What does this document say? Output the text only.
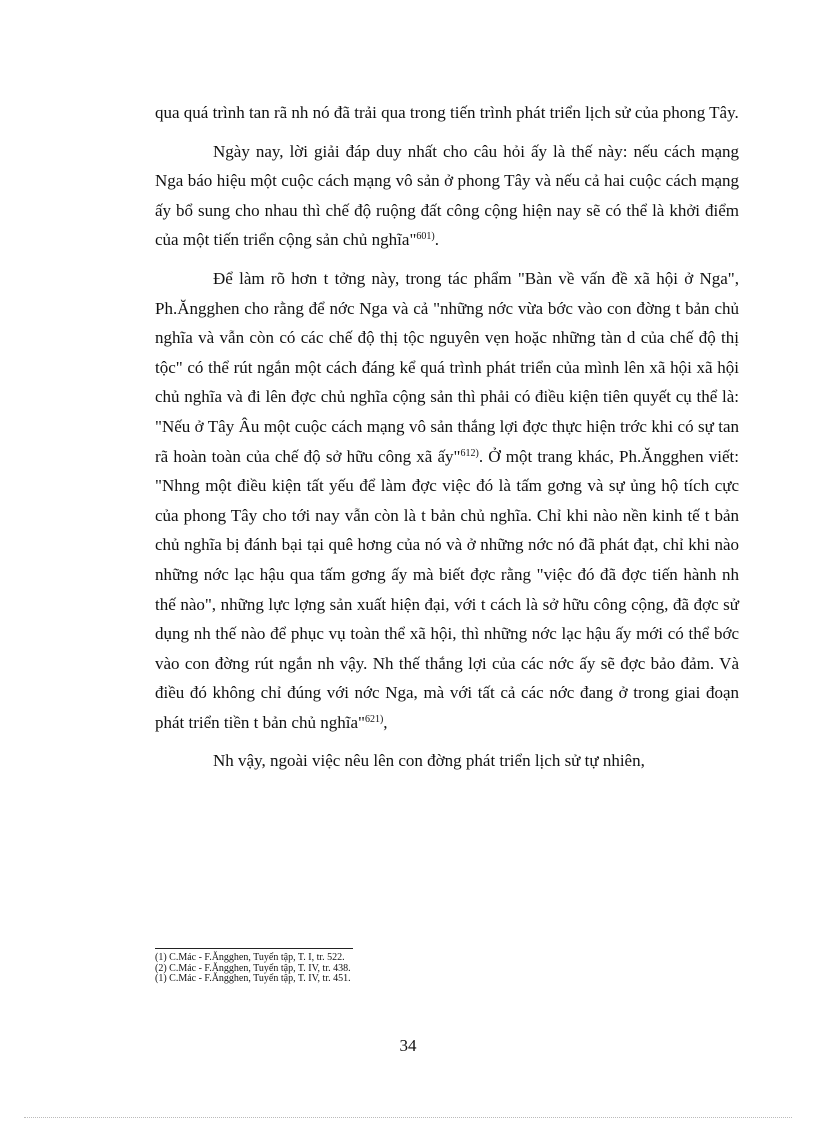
qua quá trình tan rã nh nó đã trải qua trong tiến trình phát triển lịch sử của phong Tây.

Ngày nay, lời giải đáp duy nhất cho câu hỏi ấy là thế này: nếu cách mạng Nga báo hiệu một cuộc cách mạng vô sản ở phong Tây và nếu cả hai cuộc cách mạng ấy bổ sung cho nhau thì chế độ ruộng đất công cộng hiện nay sẽ có thể là khởi điểm của một tiến triển cộng sản chủ nghĩa"$^{601)}$.

Để làm rõ hơn t tởng này, trong tác phẩm "Bàn về vấn đề xã hội ở Nga", Ph.Ăngghen cho rằng để nớc Nga và cả "những nớc vừa bớc vào con đờng t bản chủ nghĩa và vẫn còn có các chế độ thị tộc nguyên vẹn hoặc những tàn d của chế độ thị tộc" có thể rút ngắn một cách đáng kể quá trình phát triển của mình lên xã hội xã hội chủ nghĩa và đi lên đợc chủ nghĩa cộng sản thì phải có điều kiện tiên quyết cụ thể là: "Nếu ở Tây Âu một cuộc cách mạng vô sản thắng lợi đợc thực hiện trớc khi có sự tan rã hoàn toàn của chế độ sở hữu công xã ấy"$^{612)}$. Ở một trang khác, Ph.Ăngghen viết: "Nhng một điều kiện tất yếu để làm đợc việc đó là tấm gơng và sự ủng hộ tích cực của phong Tây cho tới nay vẫn còn là t bản chủ nghĩa. Chỉ khi nào nền kinh tế t bản chủ nghĩa bị đánh bại tại quê hơng của nó và ở những nớc nó đã phát đạt, chỉ khi nào những nớc lạc hậu qua tấm gơng ấy mà biết đợc rằng "việc đó đã đợc tiến hành nh thế nào", những lực lợng sản xuất hiện đại, với t cách là sở hữu công cộng, đã đợc sử dụng nh thế nào để phục vụ toàn thể xã hội, thì những nớc lạc hậu ấy mới có thể bớc vào con đờng rút ngắn nh vậy. Nh thế thắng lợi của các nớc ấy sẽ đợc bảo đảm. Và điều đó không chỉ đúng với nớc Nga, mà với tất cả các nớc đang ở trong giai đoạn phát triển tiền t bản chủ nghĩa"$^{621)}$,

Nh vậy, ngoài việc nêu lên con đờng phát triển lịch sử tự nhiên,

(1) C.Mác - F.Ăngghen, Tuyển tập, T. I, tr. 522.
(2) C.Mác - F.Ăngghen, Tuyển tập, T. IV, tr. 438.
(1) C.Mác - F.Ăngghen, Tuyển tập, T. IV, tr. 451.
34
